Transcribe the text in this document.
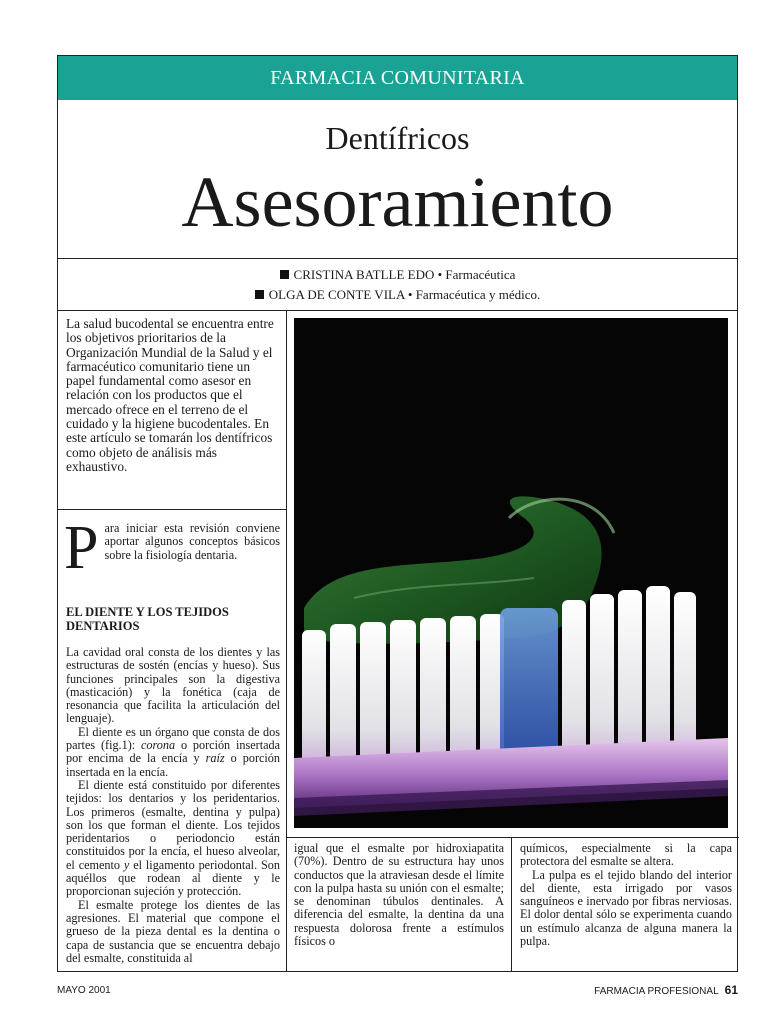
FARMACIA COMUNITARIA
Dentífricos
Asesoramiento
CRISTINA BATLLE EDO • Farmacéutica
OLGA DE CONTE VILA • Farmacéutica y médico.
La salud bucodental se encuentra entre los objetivos prioritarios de la Organización Mundial de la Salud y el farmacéutico comunitario tiene un papel fundamental como asesor en relación con los productos que el mercado ofrece en el terreno de el cuidado y la higiene bucodentales. En este artículo se tomarán los dentífricos como objeto de análisis más exhaustivo.
P ara iniciar esta revisión conviene aportar algunos conceptos básicos sobre la fisiología dentaria.
EL DIENTE Y LOS TEJIDOS DENTARIOS

La cavidad oral consta de los dientes y las estructuras de sostén (encías y hueso). Sus funciones principales son la digestiva (masticación) y la fonética (caja de resonancia que facilita la articulación del lenguaje).

El diente es un órgano que consta de dos partes (fig.1): corona o porción insertada por encima de la encía y raíz o porción insertada en la encía.

El diente está constituido por diferentes tejidos: los dentarios y los peridentarios. Los primeros (esmalte, dentina y pulpa) son los que forman el diente. Los tejidos peridentarios o periodoncio están constituidos por la encía, el hueso alveolar, el cemento y el ligamento periodontal. Son aquéllos que rodean al diente y le proporcionan sujeción y protección.

El esmalte protege los dientes de las agresiones. El material que compone el grueso de la pieza dental es la dentina o capa de sustancia que se encuentra debajo del esmalte, constituida al

igual que el esmalte por hidroxiapatita (70%). Dentro de su estructura hay unos conductos que la atraviesan desde el límite con la pulpa hasta su unión con el esmalte; se denominan túbulos dentinales. A diferencia del esmalte, la dentina da una respuesta dolorosa frente a estímulos físicos o
químicos, especialmente si la capa protectora del esmalte se altera.
La pulpa es el tejido blando del interior del diente, esta irrigado por vasos sanguíneos e inervado por fibras nerviosas. El dolor dental sólo se experimenta cuando un estímulo alcanza de alguna manera la pulpa.
MAYO 2001	FARMACIA PROFESIONAL 61
